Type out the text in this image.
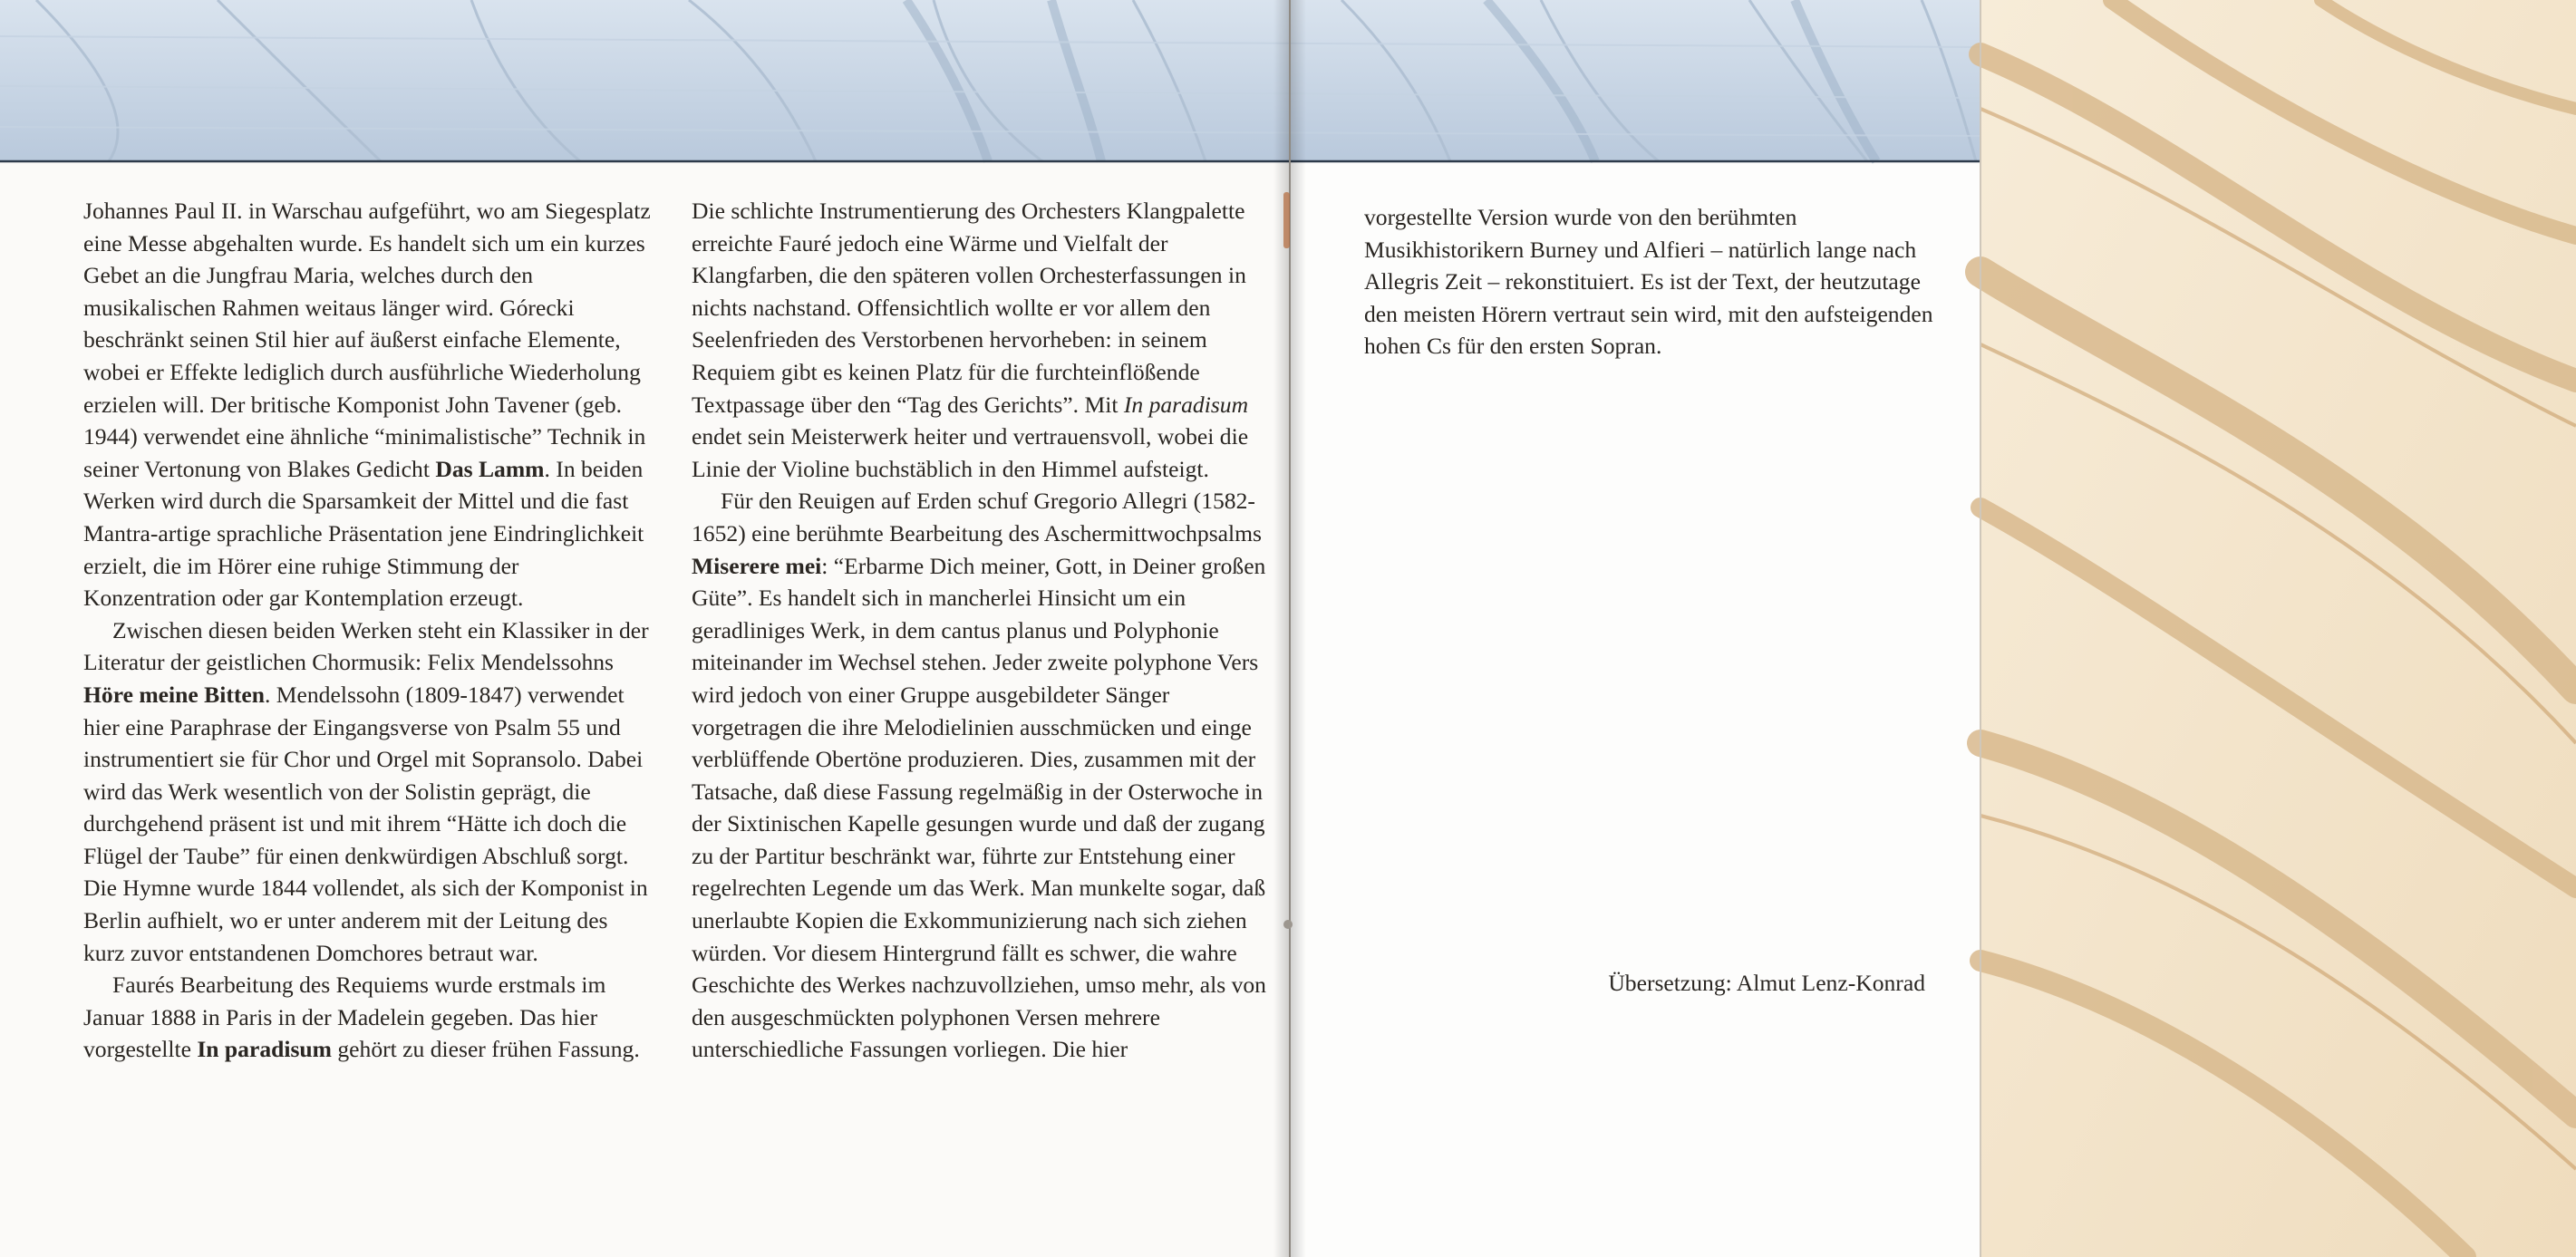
Johannes Paul II. in Warschau aufgeführt, wo am Siegesplatz eine Messe abgehalten wurde. Es handelt sich um ein kurzes Gebet an die Jungfrau Maria, welches durch den musikalischen Rahmen weitaus länger wird. Górecki beschränkt seinen Stil hier auf äußerst einfache Elemente, wobei er Effekte lediglich durch ausführliche Wiederholung erzielen will. Der britische Komponist John Tavener (geb. 1944) verwendet eine ähnliche “minimalistische” Technik in seiner Vertonung von Blakes Gedicht Das Lamm. In beiden Werken wird durch die Sparsamkeit der Mittel und die fast Mantra-artige sprachliche Präsentation jene Eindringlichkeit erzielt, die im Hörer eine ruhige Stimmung der Konzentration oder gar Kontemplation erzeugt.

Zwischen diesen beiden Werken steht ein Klassiker in der Literatur der geistlichen Chormusik: Felix Mendelssohns Höre meine Bitten. Mendelssohn (1809-1847) verwendet hier eine Paraphrase der Eingangsverse von Psalm 55 und instrumentiert sie für Chor und Orgel mit Sopransolo. Dabei wird das Werk wesentlich von der Solistin geprägt, die durchgehend präsent ist und mit ihrem “Hätte ich doch die Flügel der Taube” für einen denkwürdigen Abschluß sorgt. Die Hymne wurde 1844 vollendet, als sich der Komponist in Berlin aufhielt, wo er unter anderem mit der Leitung des kurz zuvor entstandenen Domchores betraut war.

Faurés Bearbeitung des Requiems wurde erstmals im Januar 1888 in Paris in der Madelein gegeben. Das hier vorgestellte In paradisum gehört zu dieser frühen Fassung.

Die schlichte Instrumentierung des Orchesters Klangpalette erreichte Fauré jedoch eine Wärme und Vielfalt der Klangfarben, die den späteren vollen Orchesterfassungen in nichts nachstand. Offensichtlich wollte er vor allem den Seelenfrieden des Verstorbenen hervorheben: in seinem Requiem gibt es keinen Platz für die furchteinflößende Textpassage über den “Tag des Gerichts”. Mit In paradisum endet sein Meisterwerk heiter und vertrauensvoll, wobei die Linie der Violine buchstäblich in den Himmel aufsteigt.

Für den Reuigen auf Erden schuf Gregorio Allegri (1582-1652) eine berühmte Bearbeitung des Aschermittwochpsalms Miserere mei: “Erbarme Dich meiner, Gott, in Deiner großen Güte”. Es handelt sich in mancherlei Hinsicht um ein geradliniges Werk, in dem cantus planus und Polyphonie miteinander im Wechsel stehen. Jeder zweite polyphone Vers wird jedoch von einer Gruppe ausgebildeter Sänger vorgetragen die ihre Melodielinien ausschmücken und einge verblüffende Obertöne produzieren. Dies, zusammen mit der Tatsache, daß diese Fassung regelmäßig in der Osterwoche in der Sixtinischen Kapelle gesungen wurde und daß der zugang zu der Partitur beschränkt war, führte zur Entstehung einer regelrechten Legende um das Werk. Man munkelte sogar, daß unerlaubte Kopien die Exkommunizierung nach sich ziehen würden. Vor diesem Hintergrund fällt es schwer, die wahre Geschichte des Werkes nachzuvollziehen, umso mehr, als von den ausgeschmückten polyphonen Versen mehrere unterschiedliche Fassungen vorliegen. Die hier

vorgestellte Version wurde von den berühmten Musikhistorikern Burney und Alfieri – natürlich lange nach Allegris Zeit – rekonstituiert. Es ist der Text, der heutzutage den meisten Hörern vertraut sein wird, mit den aufsteigenden hohen Cs für den ersten Sopran.

Übersetzung: Almut Lenz-Konrad
